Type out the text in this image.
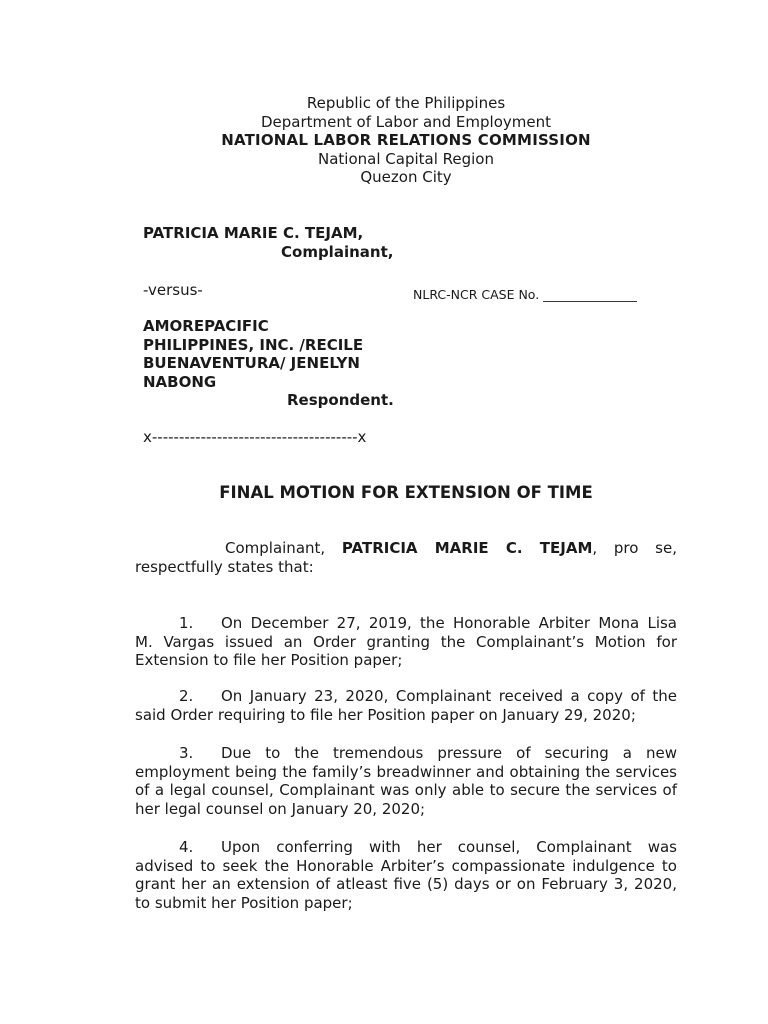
Republic of the Philippines
Department of Labor and Employment
NATIONAL LABOR RELATIONS COMMISSION
National Capital Region
Quezon City
PATRICIA MARIE C. TEJAM,
Complainant,
-versus-	NLRC-NCR CASE No. _______________
AMOREPACIFIC
PHILIPPINES, INC. /RECILE
BUENAVENTURA/ JENELYN
NABONG
Respondent.
x--------------------------------------x
FINAL MOTION FOR EXTENSION OF TIME
Complainant, PATRICIA MARIE C. TEJAM, pro se,
respectfully states that:
1. On December 27, 2019, the Honorable Arbiter Mona Lisa
M. Vargas issued an Order granting the Complainant’s Motion for
Extension to file her Position paper;
2. On January 23, 2020, Complainant received a copy of the
said Order requiring to file her Position paper on January 29, 2020;
3. Due to the tremendous pressure of securing a new
employment being the family’s breadwinner and obtaining the services
of a legal counsel, Complainant was only able to secure the services of
her legal counsel on January 20, 2020;
4. Upon conferring with her counsel, Complainant was
advised to seek the Honorable Arbiter’s compassionate indulgence to
grant her an extension of atleast five (5) days or on February 3, 2020,
to submit her Position paper;
